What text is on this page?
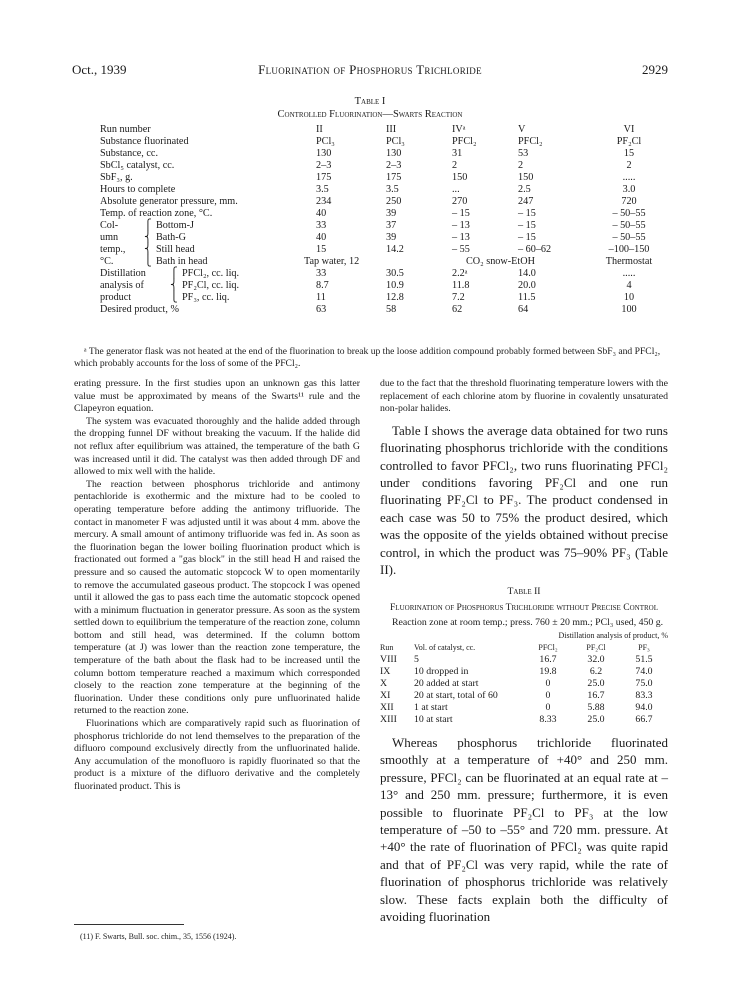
Oct., 1939	Fluorination of Phosphorus Trichloride	2929
Table I
Controlled Fluorination—Swarts Reaction
Run number	II	III	IVᵃ	V	VI
Substance fluorinated	PCl₃	PCl₃	PFCl₂	PFCl₂	PF₂Cl
Substance, cc.	130	130	31	53	15
SbCl₅ catalyst, cc.	2–3	2–3	2	2	2
SbF₃, g.	175	175	150	150	.....
Hours to complete	3.5	3.5	...	2.5	3.0
Absolute generator pressure, mm.	234	250	270	247	720
Temp. of reaction zone, °C.	40	39	– 15	– 15	– 50–55
Col- ⎧ Bottom-J	33	37	– 13	– 15	– 50–55
umn ⎨ Bath-G	40	39	– 13	– 15	– 50–55
temp., ⎨ Still head	15	14.2	– 55	– 60–62	–100–150
°C. ⎩ Bath in head	Tap water, 12		CO₂ snow-EtOH		Thermostat
Distillation ⎧ PFCl₂, cc. liq.	33	30.5	2.2ᵃ	14.0	.....
analysis of ⎨ PF₂Cl, cc. liq.	8.7	10.9	11.8	20.0	4
product ⎩ PF₃, cc. liq.	11	12.8	7.2	11.5	10
Desired product, %	63	58	62	64	100
ᵃ The generator flask was not heated at the end of the fluorination to break up the loose addition compound probably formed between SbF₃ and PFCl₂, which probably accounts for the loss of some of the PFCl₂.

erating pressure. In the first studies upon an unknown gas this latter value must be approximated by means of the Swarts¹¹ rule and the Clapeyron equation.

The system was evacuated thoroughly and the halide added through the dropping funnel DF without breaking the vacuum. If the halide did not reflux after equilibrium was attained, the temperature of the bath G was increased until it did. The catalyst was then added through DF and allowed to mix well with the halide.

The reaction between phosphorus trichloride and antimony pentachloride is exothermic and the mixture had to be cooled to operating temperature before adding the antimony trifluoride. The contact in manometer F was adjusted until it was about 4 mm. above the mercury. A small amount of antimony trifluoride was fed in. As soon as the fluorination began the lower boiling fluorination product which is fractionated out formed a "gas block" in the still head H and raised the pressure and so caused the automatic stopcock W to open momentarily to remove the accumulated gaseous product. The stopcock I was opened until it allowed the gas to pass each time the automatic stopcock opened with a minimum fluctuation in generator pressure. As soon as the system settled down to equilibrium the temperature of the reaction zone, column bottom and still head, was determined. If the column bottom temperature (at J) was lower than the reaction zone temperature, the temperature of the bath about the flask had to be increased until the column bottom temperature reached a maximum which corresponded closely to the reaction zone temperature at the beginning of the fluorination. Under these conditions only pure unfluorinated halide returned to the reaction zone.

Fluorinations which are comparatively rapid such as fluorination of phosphorus trichloride do not lend themselves to the preparation of the difluoro compound exclusively directly from the unfluorinated halide. Any accumulation of the monofluoro is rapidly fluorinated so that the product is a mixture of the difluoro derivative and the completely fluorinated product. This is

(11) F. Swarts, Bull. soc. chim., 35, 1556 (1924).

due to the fact that the threshold fluorinating temperature lowers with the replacement of each chlorine atom by fluorine in covalently unsaturated non-polar halides.

Table I shows the average data obtained for two runs fluorinating phosphorus trichloride with the conditions controlled to favor PFCl₂, two runs fluorinating PFCl₂ under conditions favoring PF₂Cl and one run fluorinating PF₂Cl to PF₃. The product condensed in each case was 50 to 75% the product desired, which was the opposite of the yields obtained without precise control, in which the product was 75–90% PF₃ (Table II).

Table II
Fluorination of Phosphorus Trichloride without Precise Control

Reaction zone at room temp.; press. 760 ± 20 mm.; PCl₃ used, 450 g.

		Distillation analysis of product, %		
Run	Vol. of catalyst, cc.	PFCl₂	PF₂Cl	PF₃
VIII	5	16.7	32.0	51.5
IX	10 dropped in	19.8	6.2	74.0
X	20 added at start	0	25.0	75.0
XI	20 at start, total of 60	0	16.7	83.3
XII	1 at start	0	5.88	94.0
XIII	10 at start	8.33	25.0	66.7

Whereas phosphorus trichloride fluorinated smoothly at a temperature of +40° and 250 mm. pressure, PFCl₂ can be fluorinated at an equal rate at –13° and 250 mm. pressure; furthermore, it is even possible to fluorinate PF₂Cl to PF₃ at the low temperature of –50 to –55° and 720 mm. pressure. At +40° the rate of fluorination of PFCl₂ was quite rapid and that of PF₂Cl was very rapid, while the rate of fluorination of phosphorus trichloride was relatively slow. These facts explain both the difficulty of avoiding fluorination
